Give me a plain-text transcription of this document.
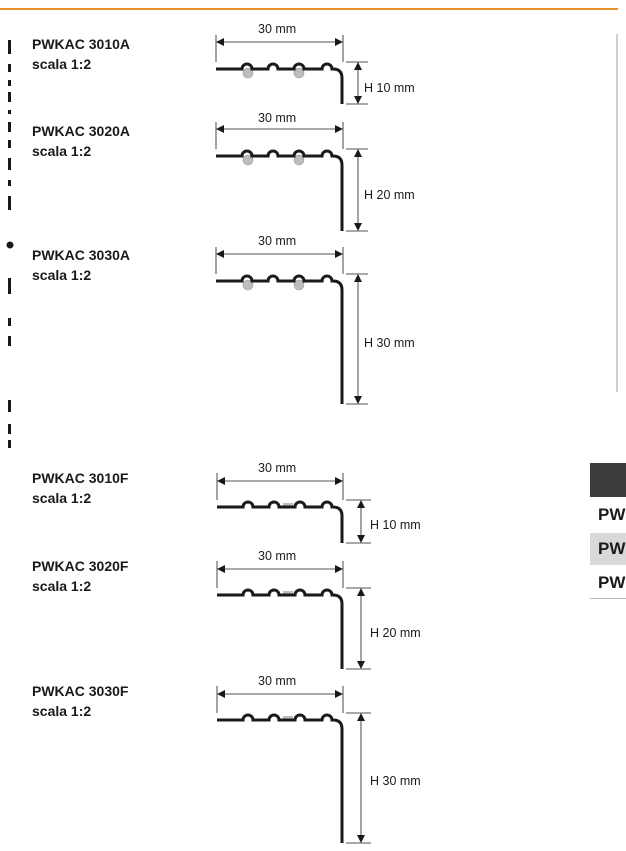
PWKAC 3010A
scala 1:2
PWKAC 3020A
scala 1:2
PWKAC 3030A
scala 1:2
PWKAC 3010F
scala 1:2
PWKAC 3020F
scala 1:2
PWKAC 3030F
scala 1:2
30 mm
H 10 mm
30 mm
H 20 mm
30 mm
H 30 mm
30 mm
H 10 mm
30 mm
H 20 mm
30 mm
H 30 mm
PW
PW
PW
